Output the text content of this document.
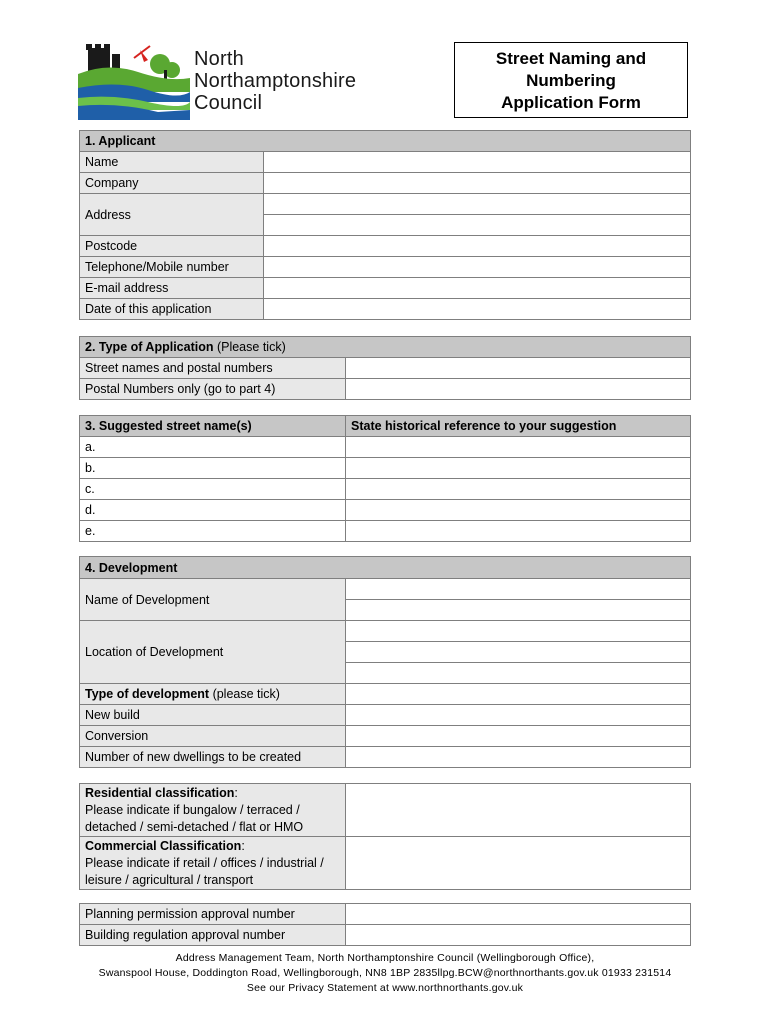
North
Northamptonshire
Council
Street Naming and
Numbering
Application Form
1. Applicant	
Name	
Company	
Address	

Postcode	
Telephone/Mobile number	
E-mail address	
Date of this application	
2. Type of Application (Please tick)	
Street names and postal numbers	
Postal Numbers only (go to part 4)	
3. Suggested street name(s)	State historical reference to your suggestion
a.	
b.	
c.	
d.	
e.	
4. Development	
Name of Development	

Location of Development	

Type of development (please tick)	
New build	
Conversion	
Number of new dwellings to be created	
Residential classification:
Please indicate if bungalow / terraced / detached / semi-detached / flat or HMO	
Commercial Classification:
Please indicate if retail / offices / industrial / leisure / agricultural / transport	
Planning permission approval number	
Building regulation approval number	
Address Management Team, North Northamptonshire Council (Wellingborough Office),
Swanspool House, Doddington Road, Wellingborough, NN8 1BP 2835llpg.BCW@northnorthants.gov.uk 01933 231514
See our Privacy Statement at www.northnorthants.gov.uk
